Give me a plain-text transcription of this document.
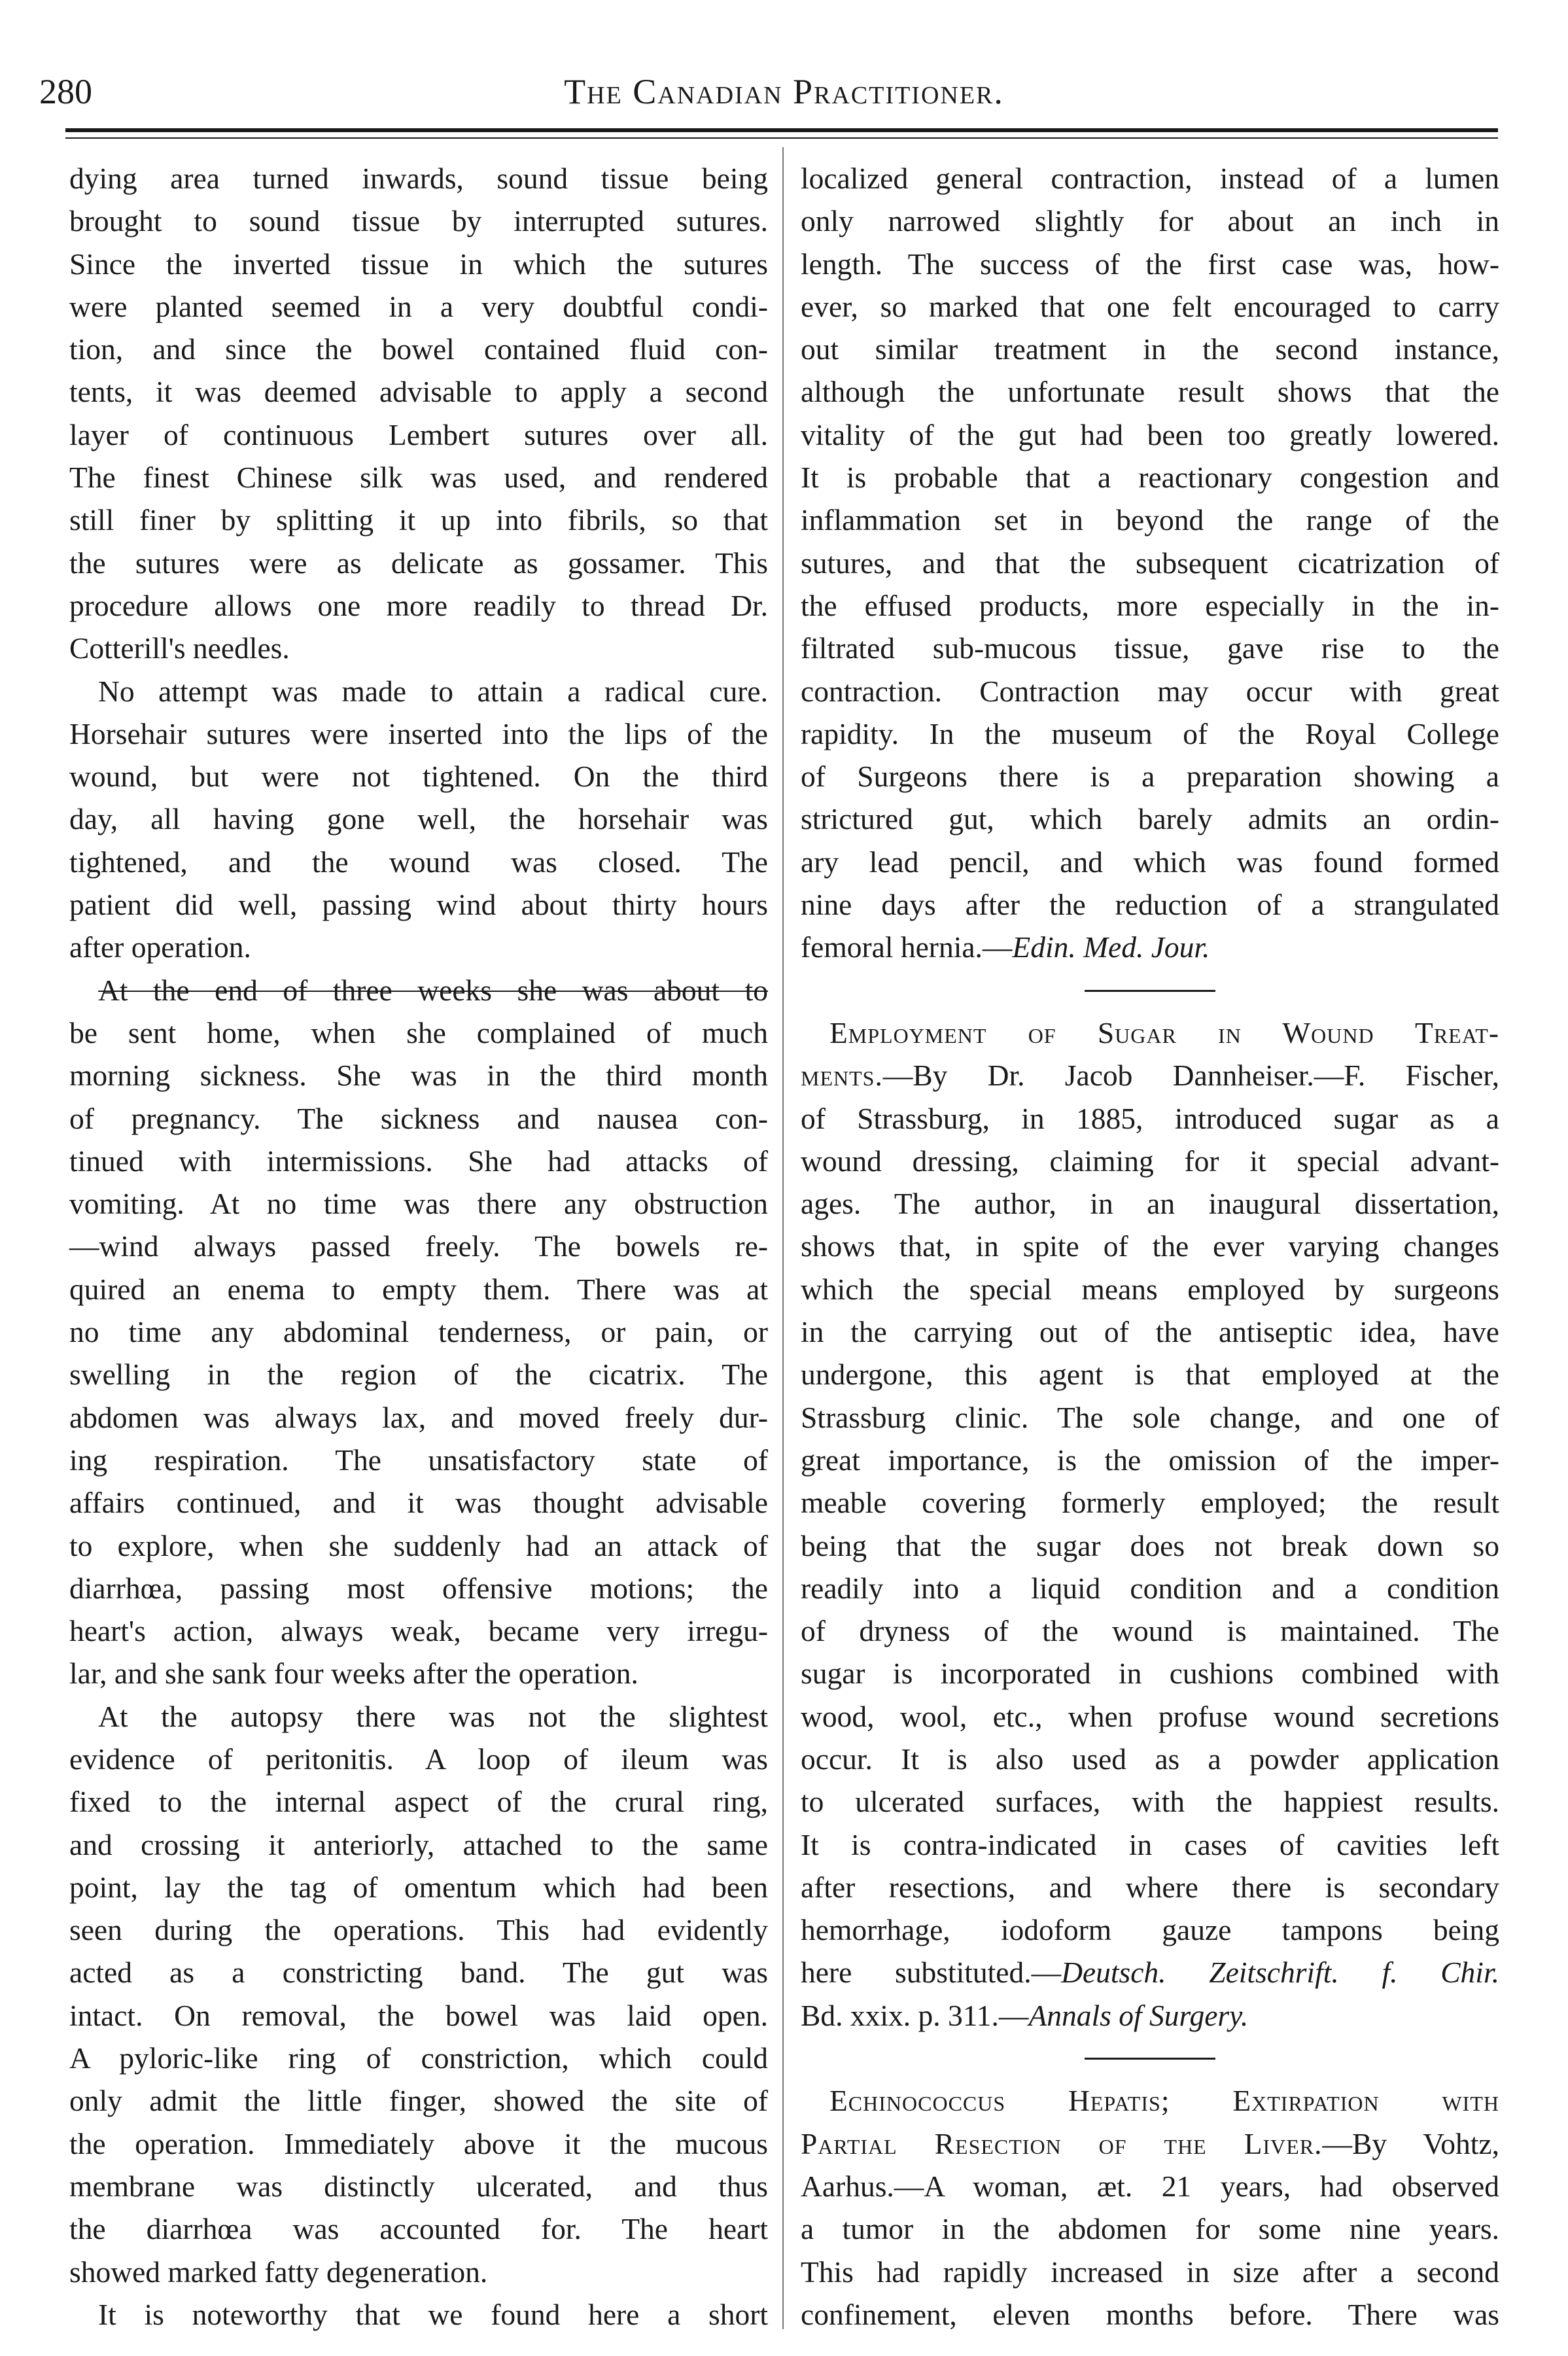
280	The Canadian Practitioner.
dying area turned inwards, sound tissue being
brought to sound tissue by interrupted sutures.
Since the inverted tissue in which the sutures
were planted seemed in a very doubtful condi-
tion, and since the bowel contained fluid con-
tents, it was deemed advisable to apply a second
layer of continuous Lembert sutures over all.
The finest Chinese silk was used, and rendered
still finer by splitting it up into fibrils, so that
the sutures were as delicate as gossamer. This
procedure allows one more readily to thread Dr.
Cotterill's needles.
No attempt was made to attain a radical cure.
Horsehair sutures were inserted into the lips of the
wound, but were not tightened. On the third
day, all having gone well, the horsehair was
tightened, and the wound was closed. The
patient did well, passing wind about thirty hours
after operation.
At the end of three weeks she was about to
be sent home, when she complained of much
morning sickness. She was in the third month
of pregnancy. The sickness and nausea con-
tinued with intermissions. She had attacks of
vomiting. At no time was there any obstruction
—wind always passed freely. The bowels re-
quired an enema to empty them. There was at
no time any abdominal tenderness, or pain, or
swelling in the region of the cicatrix. The
abdomen was always lax, and moved freely dur-
ing respiration. The unsatisfactory state of
affairs continued, and it was thought advisable
to explore, when she suddenly had an attack of
diarrhœa, passing most offensive motions; the
heart's action, always weak, became very irregu-
lar, and she sank four weeks after the operation.
At the autopsy there was not the slightest
evidence of peritonitis. A loop of ileum was
fixed to the internal aspect of the crural ring,
and crossing it anteriorly, attached to the same
point, lay the tag of omentum which had been
seen during the operations. This had evidently
acted as a constricting band. The gut was
intact. On removal, the bowel was laid open.
A pyloric-like ring of constriction, which could
only admit the little finger, showed the site of
the operation. Immediately above it the mucous
membrane was distinctly ulcerated, and thus
the diarrhœa was accounted for. The heart
showed marked fatty degeneration.
It is noteworthy that we found here a short
localized general contraction, instead of a lumen
only narrowed slightly for about an inch in
length. The success of the first case was, how-
ever, so marked that one felt encouraged to carry
out similar treatment in the second instance,
although the unfortunate result shows that the
vitality of the gut had been too greatly lowered.
It is probable that a reactionary congestion and
inflammation set in beyond the range of the
sutures, and that the subsequent cicatrization of
the effused products, more especially in the in-
filtrated sub-mucous tissue, gave rise to the
contraction. Contraction may occur with great
rapidity. In the museum of the Royal College
of Surgeons there is a preparation showing a
strictured gut, which barely admits an ordin-
ary lead pencil, and which was found formed
nine days after the reduction of a strangulated
femoral hernia.—Edin. Med. Jour.
Employment of Sugar in Wound Treat-
ments.—By Dr. Jacob Dannheiser.—F. Fischer,
of Strassburg, in 1885, introduced sugar as a
wound dressing, claiming for it special advant-
ages. The author, in an inaugural dissertation,
shows that, in spite of the ever varying changes
which the special means employed by surgeons
in the carrying out of the antiseptic idea, have
undergone, this agent is that employed at the
Strassburg clinic. The sole change, and one of
great importance, is the omission of the imper-
meable covering formerly employed; the result
being that the sugar does not break down so
readily into a liquid condition and a condition
of dryness of the wound is maintained. The
sugar is incorporated in cushions combined with
wood, wool, etc., when profuse wound secretions
occur. It is also used as a powder application
to ulcerated surfaces, with the happiest results.
It is contra-indicated in cases of cavities left
after resections, and where there is secondary
hemorrhage, iodoform gauze tampons being
here substituted.—Deutsch. Zeitschrift. f. Chir.
Bd. xxix. p. 311.—Annals of Surgery.
Echinococcus Hepatis; Extirpation with
Partial Resection of the Liver.—By Vohtz,
Aarhus.—A woman, æt. 21 years, had observed
a tumor in the abdomen for some nine years.
This had rapidly increased in size after a second
confinement, eleven months before. There was
